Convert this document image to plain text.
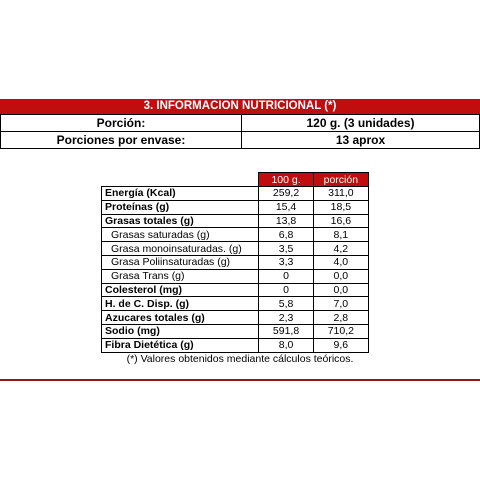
3. INFORMACION NUTRICIONAL (*)
Porción:	120 g. (3 unidades)
Porciones por envase:	13 aprox
	100 g.	porción
Energía (Kcal)	259,2	311,0
Proteínas (g)	15,4	18,5
Grasas totales (g)	13,8	16,6
Grasas saturadas (g)	6,8	8,1
Grasa monoinsaturadas. (g)	3,5	4,2
Grasa Poliinsaturadas (g)	3,3	4,0
Grasa Trans (g)	0	0,0
Colesterol (mg)	0	0,0
H. de C. Disp. (g)	5,8	7,0
Azucares totales (g)	2,3	2,8
Sodio (mg)	591,8	710,2
Fibra Dietética (g)	8,0	9,6
(*) Valores obtenidos mediante cálculos teóricos.
